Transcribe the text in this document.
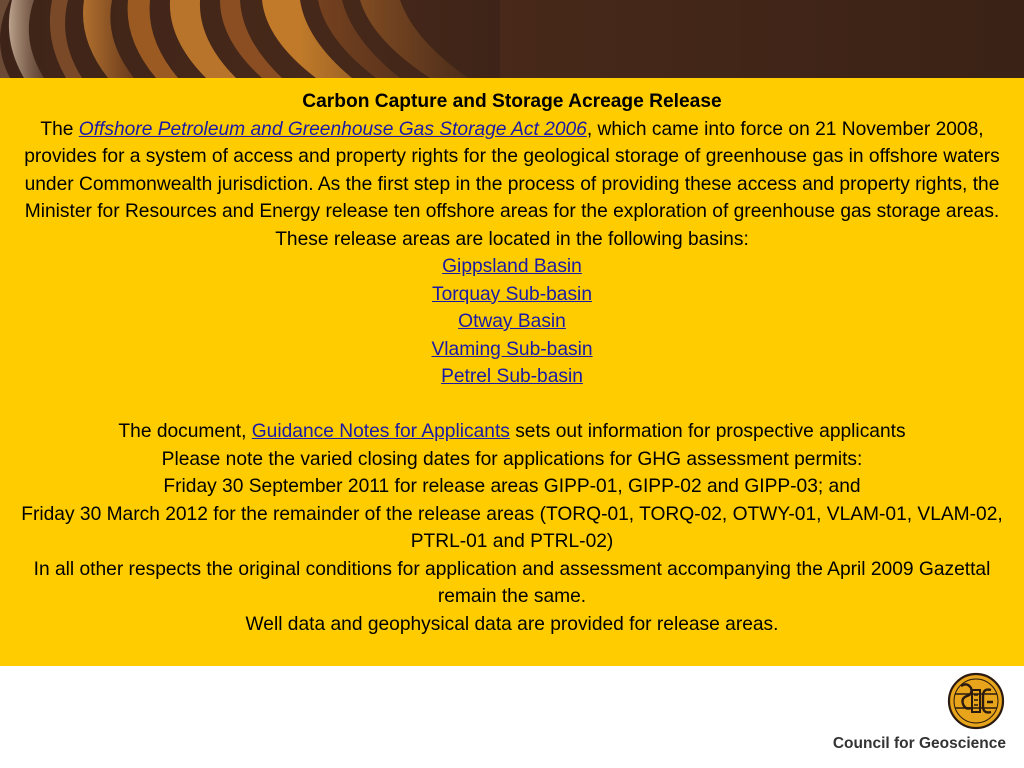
Carbon Capture and Storage Acreage Release

The Offshore Petroleum and Greenhouse Gas Storage Act 2006, which came into force on 21 November 2008, provides for a system of access and property rights for the geological storage of greenhouse gas in offshore waters under Commonwealth jurisdiction. As the first step in the process of providing these access and property rights, the Minister for Resources and Energy release ten offshore areas for the exploration of greenhouse gas storage areas. These release areas are located in the following basins:

Gippsland Basin

Torquay Sub-basin

Otway Basin

Vlaming Sub-basin

Petrel Sub-basin

The document, Guidance Notes for Applicants sets out information for prospective applicants

Please note the varied closing dates for applications for GHG assessment permits:

Friday 30 September 2011 for release areas GIPP-01, GIPP-02 and GIPP-03; and

Friday 30 March 2012 for the remainder of the release areas (TORQ-01, TORQ-02, OTWY-01, VLAM-01, VLAM-02, PTRL-01 and PTRL-02)

In all other respects the original conditions for application and assessment accompanying the April 2009 Gazettal remain the same.

Well data and geophysical data are provided for release areas.

Council for Geoscience
